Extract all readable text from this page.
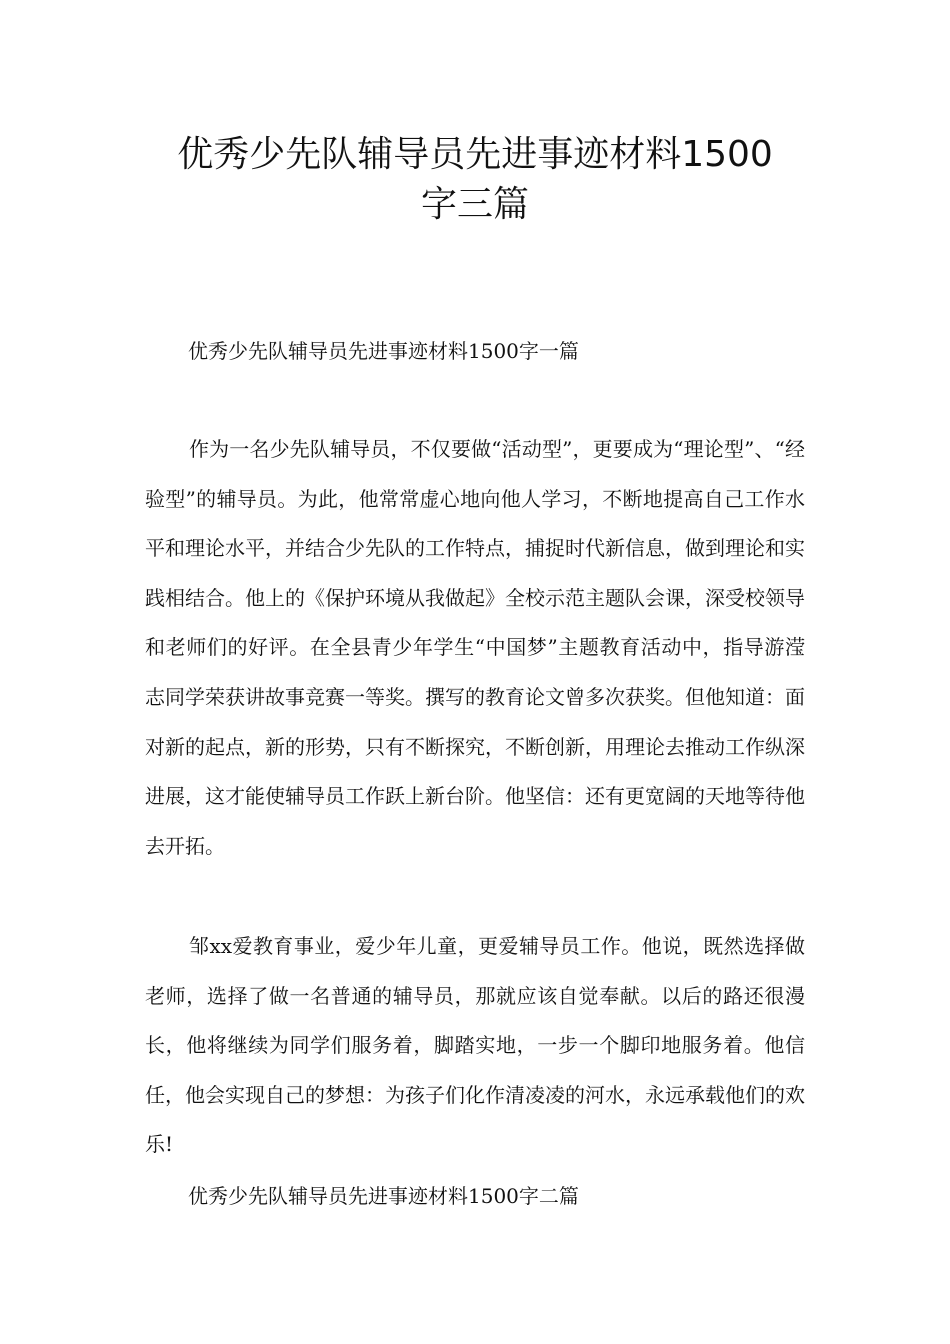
优秀少先队辅导员先进事迹材料1500
字三篇

优秀少先队辅导员先进事迹材料1500字一篇

作为一名少先队辅导员，不仅要做“活动型”，更要成为“理论型”、“经验型”的辅导员。为此，他常常虚心地向他人学习，不断地提高自己工作水平和理论水平，并结合少先队的工作特点，捕捉时代新信息，做到理论和实践相结合。他上的《保护环境从我做起》全校示范主题队会课，深受校领导和老师们的好评。在全县青少年学生“中国梦”主题教育活动中，指导游滢志同学荣获讲故事竞赛一等奖。撰写的教育论文曾多次获奖。但他知道：面对新的起点，新的形势，只有不断探究，不断创新，用理论去推动工作纵深进展，这才能使辅导员工作跃上新台阶。他坚信：还有更宽阔的天地等待他去开拓。

邹xx爱教育事业，爱少年儿童，更爱辅导员工作。他说，既然选择做老师，选择了做一名普通的辅导员，那就应该自觉奉献。以后的路还很漫长，他将继续为同学们服务着，脚踏实地，一步一个脚印地服务着。他信任，他会实现自己的梦想：为孩子们化作清凌凌的河水，永远承载他们的欢乐!

优秀少先队辅导员先进事迹材料1500字二篇
